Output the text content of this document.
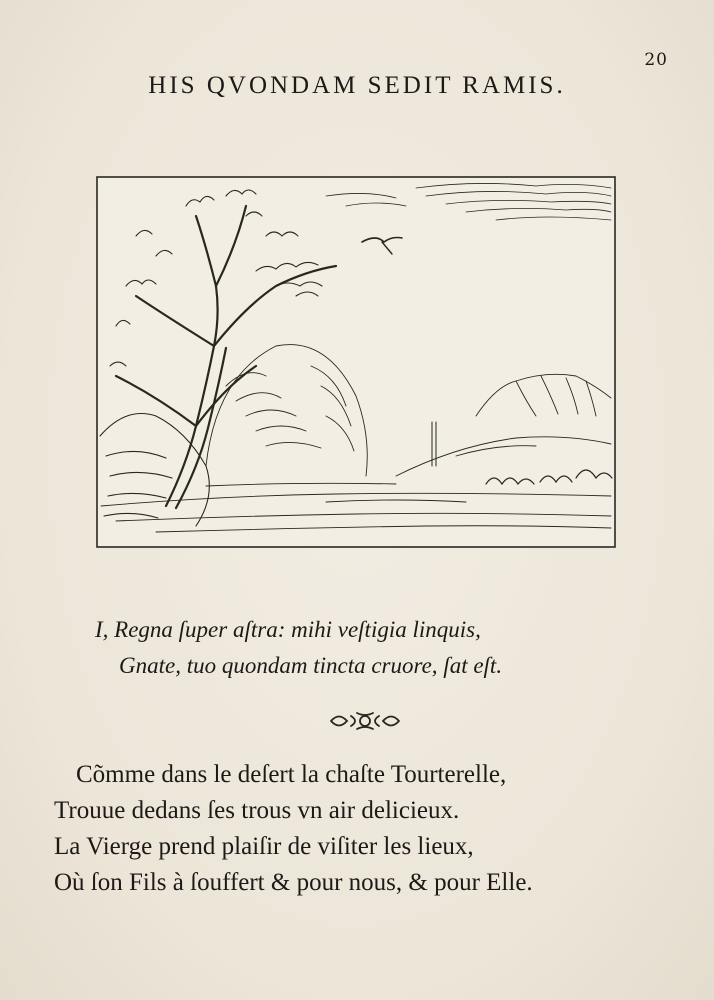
20
HIS QVONDAM SEDIT RAMIS.
I, Regna ſuper aſtra: mihi veſtigia linquis,
Gnate, tuo quondam tincta cruore, ſat eſt.
Cõmme dans le deſert la chaſte Tourterelle,
Trouue dedans ſes trous vn air delicieux.
La Vierge prend plaiſir de viſiter les lieux,
Où ſon Fils à ſouffert & pour nous, & pour Elle.
